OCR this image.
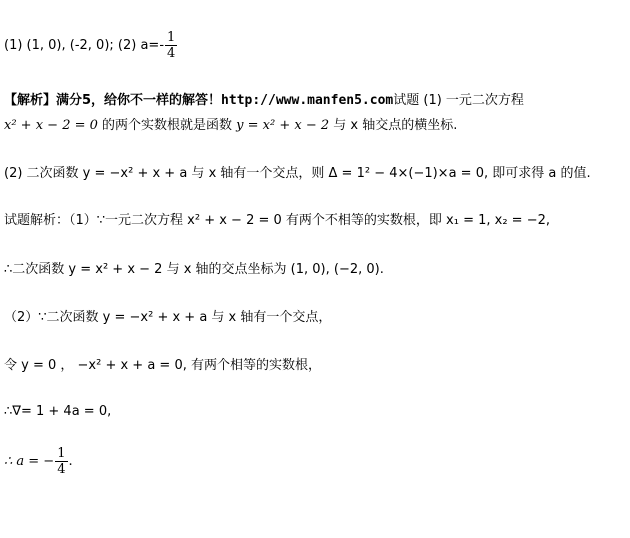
(1) (1, 0), (-2, 0); (2) $a=- \frac{1}{4}$
【解析】满分5，给你不一样的解答！http://www.manfen5.com试题 (1) 一元二次方程
x² + x − 2 = 0 的两个实数根就是函数 y = x² + x − 2 与 x 轴交点的横坐标.
(2) 二次函数 y = −x² + x + a 与 x 轴有一个交点，则 Δ = 1² − 4×(−1)×a = 0, 即可求得 a 的值.
试题解析：（1）∵一元二次方程 x² + x − 2 = 0 有两个不相等的实数根，即 x₁ = 1, x₂ = −2,
∴二次函数 y = x² + x − 2 与 x 轴的交点坐标为 (1, 0), (−2, 0).
（2）∵二次函数 y = −x² + x + a 与 x 轴有一个交点，
令 y = 0 ， −x² + x + a = 0, 有两个相等的实数根，
∴∇= 1 + 4a = 0,
∴ a = − $\frac{1}{4}$ .
